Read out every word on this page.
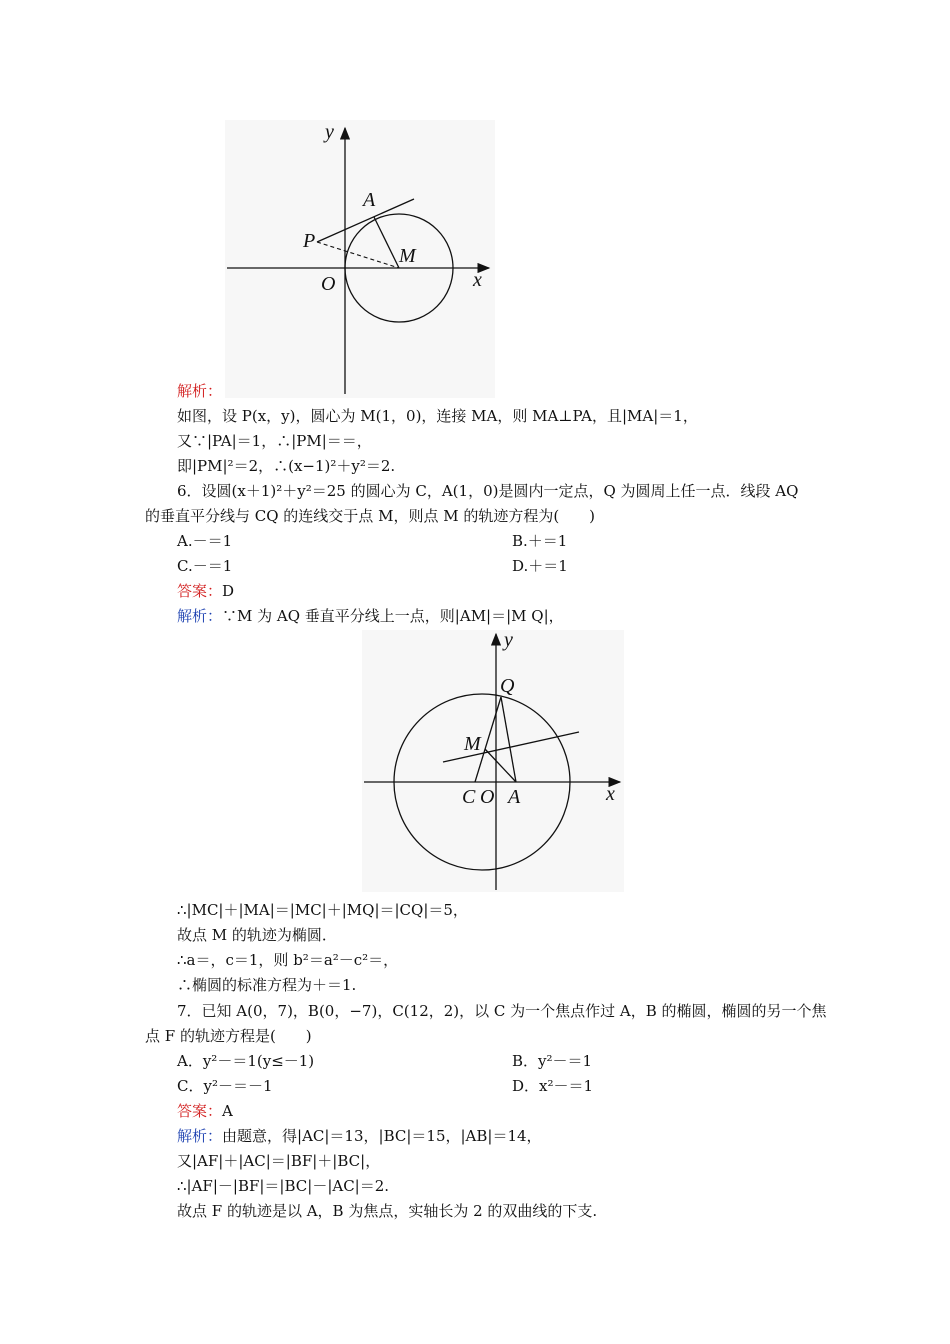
y
x
O
A
P
M
解析：
如图，设 P(x，y)，圆心为 M(1，0)，连接 MA，则 MA⊥PA，且|MA|＝1，
又∵|PA|＝1，∴|PM|＝＝，
即|PM|²＝2，∴(x−1)²＋y²＝2.
6．设圆(x＋1)²＋y²＝25 的圆心为 C，A(1，0)是圆内一定点，Q 为圆周上任一点．线段 AQ
的垂直平分线与 CQ 的连线交于点 M，则点 M 的轨迹方程为(　　)
A.－＝1	B.＋＝1
C.－＝1	D.＋＝1
答案：D
解析：∵M 为 AQ 垂直平分线上一点，则|AM|＝|M Q|，
y
x
Q
M
C O A
∴|MC|＋|MA|＝|MC|＋|MQ|＝|CQ|＝5，
故点 M 的轨迹为椭圆．
∴a＝，c＝1，则 b²＝a²－c²＝，
∴椭圆的标准方程为＋＝1.
7．已知 A(0，7)，B(0，−7)，C(12，2)，以 C 为一个焦点作过 A，B 的椭圆，椭圆的另一个焦
点 F 的轨迹方程是(　　)
A．y²－＝1(y≤－1)	B．y²－＝1
C．y²－＝－1	D．x²－＝1
答案：A
解析：由题意，得|AC|＝13，|BC|＝15，|AB|＝14，
又|AF|＋|AC|＝|BF|＋|BC|，
∴|AF|－|BF|＝|BC|－|AC|＝2.
故点 F 的轨迹是以 A，B 为焦点，实轴长为 2 的双曲线的下支.
